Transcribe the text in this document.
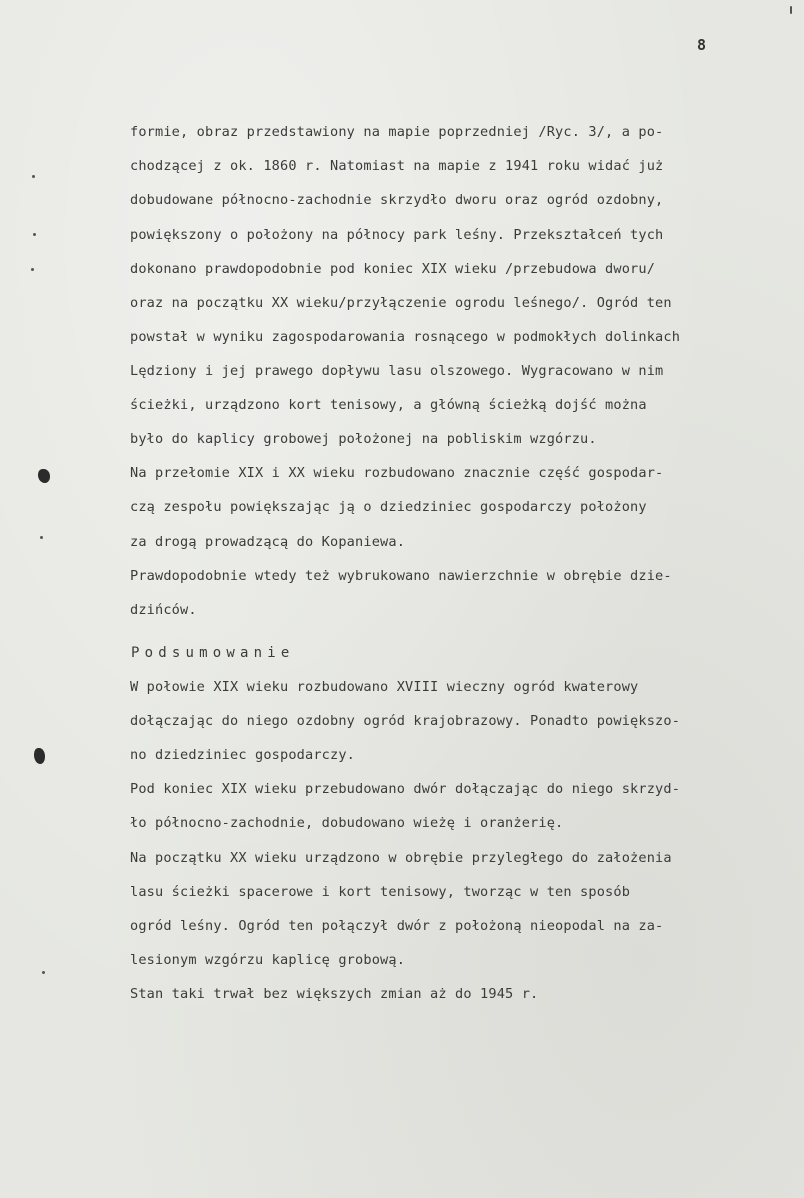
8
formie, obraz przedstawiony na mapie poprzedniej /Ryc. 3/, a po-
chodzącej z ok. 1860 r. Natomiast na mapie z 1941 roku widać już
dobudowane północno-zachodnie skrzydło dworu oraz ogród ozdobny,
powiększony o położony na północy park leśny. Przekształceń tych
dokonano prawdopodobnie pod koniec XIX wieku /przebudowa dworu/
oraz na początku XX wieku/przyłączenie ogrodu leśnego/. Ogród ten
powstał w wyniku zagospodarowania rosnącego w podmokłych dolinkach
Lędziony i jej prawego dopływu lasu olszowego. Wygracowano w nim
ścieżki, urządzono kort tenisowy, a główną ścieżką dojść można
było do kaplicy grobowej położonej na pobliskim wzgórzu.
Na przełomie XIX i XX wieku rozbudowano znacznie część gospodar-
czą zespołu powiększając ją o dziedziniec gospodarczy położony
za drogą prowadzącą do Kopaniewa.
Prawdopodobnie wtedy też wybrukowano nawierzchnie w obrębie dzie-
dzińców.
Podsumowanie
W połowie XIX wieku rozbudowano XVIII wieczny ogród kwaterowy
dołączając do niego ozdobny ogród krajobrazowy. Ponadto powiększo-
no dziedziniec gospodarczy.
Pod koniec XIX wieku przebudowano dwór dołączając do niego skrzyd-
ło północno-zachodnie, dobudowano wieżę i oranżerię.
Na początku XX wieku urządzono w obrębie przyległego do założenia
lasu ścieżki spacerowe i kort tenisowy, tworząc w ten sposób
ogród leśny. Ogród ten połączył dwór z położoną nieopodal na za-
lesionym wzgórzu kaplicę grobową.
Stan taki trwał bez większych zmian aż do 1945 r.
